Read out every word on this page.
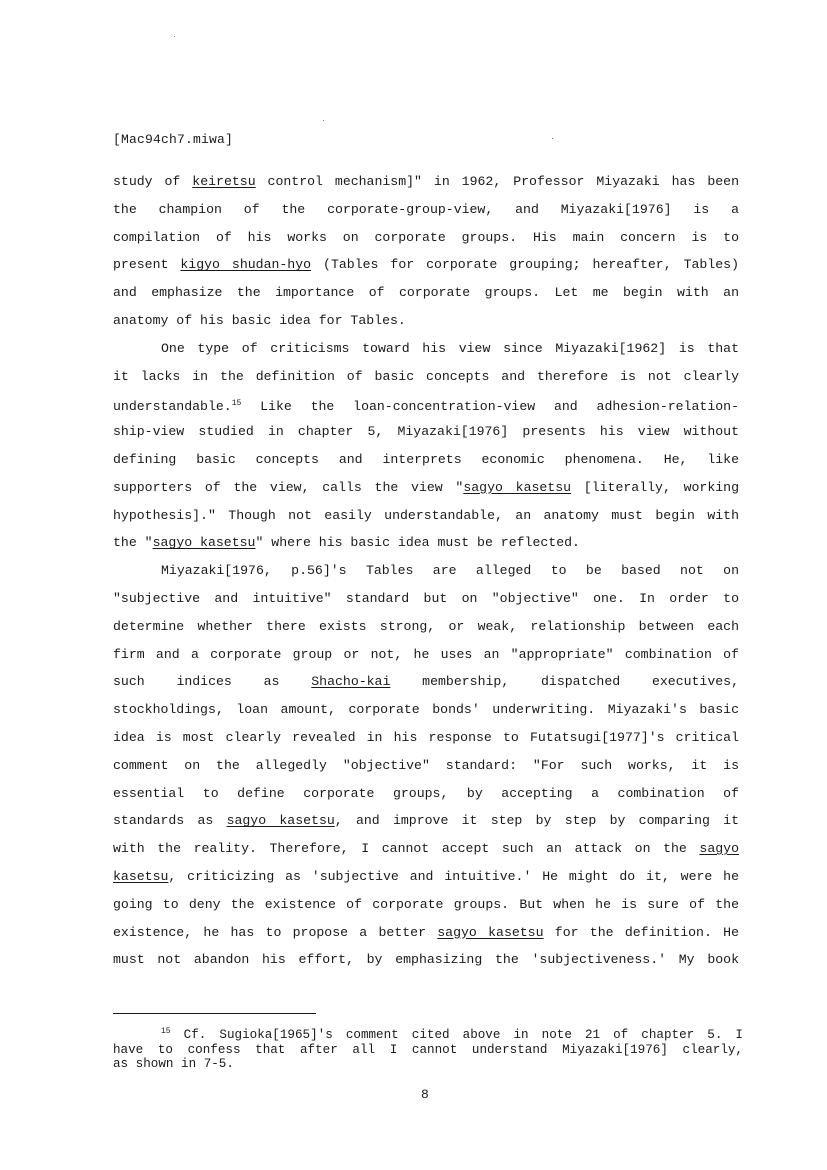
[Mac94ch7.miwa]
study of keiretsu control mechanism]" in 1962, Professor Miyazaki has been
the champion of the corporate-group-view, and Miyazaki[1976] is a
compilation of his works on corporate groups. His main concern is to
present kigyo shudan-hyo (Tables for corporate grouping; hereafter, Tables)
and emphasize the importance of corporate groups. Let me begin with an
anatomy of his basic idea for Tables.
One type of criticisms toward his view since Miyazaki[1962] is that
it lacks in the definition of basic concepts and therefore is not clearly
understandable.$^{15}$ Like the loan-concentration-view and adhesion-relation-
ship-view studied in chapter 5, Miyazaki[1976] presents his view without
defining basic concepts and interprets economic phenomena. He, like
supporters of the view, calls the view "sagyo kasetsu [literally, working
hypothesis]." Though not easily understandable, an anatomy must begin with
the "sagyo kasetsu" where his basic idea must be reflected.
Miyazaki[1976, p.56]'s Tables are alleged to be based not on
"subjective and intuitive" standard but on "objective" one. In order to
determine whether there exists strong, or weak, relationship between each
firm and a corporate group or not, he uses an "appropriate" combination of
such indices as Shacho-kai membership, dispatched executives,
stockholdings, loan amount, corporate bonds' underwriting. Miyazaki's basic
idea is most clearly revealed in his response to Futatsugi[1977]'s critical
comment on the allegedly "objective" standard: "For such works, it is
essential to define corporate groups, by accepting a combination of
standards as sagyo kasetsu, and improve it step by step by comparing it
with the reality. Therefore, I cannot accept such an attack on the sagyo
kasetsu, criticizing as 'subjective and intuitive.' He might do it, were he
going to deny the existence of corporate groups. But when he is sure of the
existence, he has to propose a better sagyo kasetsu for the definition. He
must not abandon his effort, by emphasizing the 'subjectiveness.' My book
$^{15}$ Cf. Sugioka[1965]'s comment cited above in note 21 of chapter 5. I
have to confess that after all I cannot understand Miyazaki[1976] clearly,
as shown in 7-5.
8
